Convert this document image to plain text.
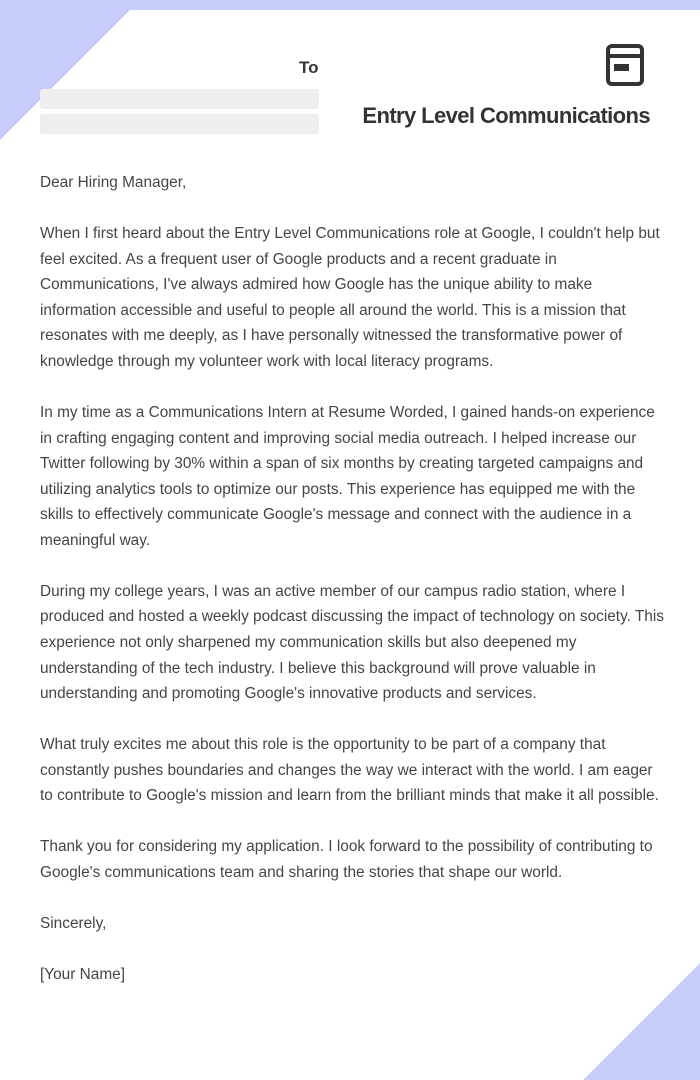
To
Entry Level Communications

Dear Hiring Manager,

When I first heard about the Entry Level Communications role at Google, I couldn't help but feel excited. As a frequent user of Google products and a recent graduate in Communications, I've always admired how Google has the unique ability to make information accessible and useful to people all around the world. This is a mission that resonates with me deeply, as I have personally witnessed the transformative power of knowledge through my volunteer work with local literacy programs.

In my time as a Communications Intern at Resume Worded, I gained hands-on experience in crafting engaging content and improving social media outreach. I helped increase our Twitter following by 30% within a span of six months by creating targeted campaigns and utilizing analytics tools to optimize our posts. This experience has equipped me with the skills to effectively communicate Google's message and connect with the audience in a meaningful way.

During my college years, I was an active member of our campus radio station, where I produced and hosted a weekly podcast discussing the impact of technology on society. This experience not only sharpened my communication skills but also deepened my understanding of the tech industry. I believe this background will prove valuable in understanding and promoting Google's innovative products and services.

What truly excites me about this role is the opportunity to be part of a company that constantly pushes boundaries and changes the way we interact with the world. I am eager to contribute to Google's mission and learn from the brilliant minds that make it all possible.

Thank you for considering my application. I look forward to the possibility of contributing to Google's communications team and sharing the stories that shape our world.

Sincerely,

[Your Name]
